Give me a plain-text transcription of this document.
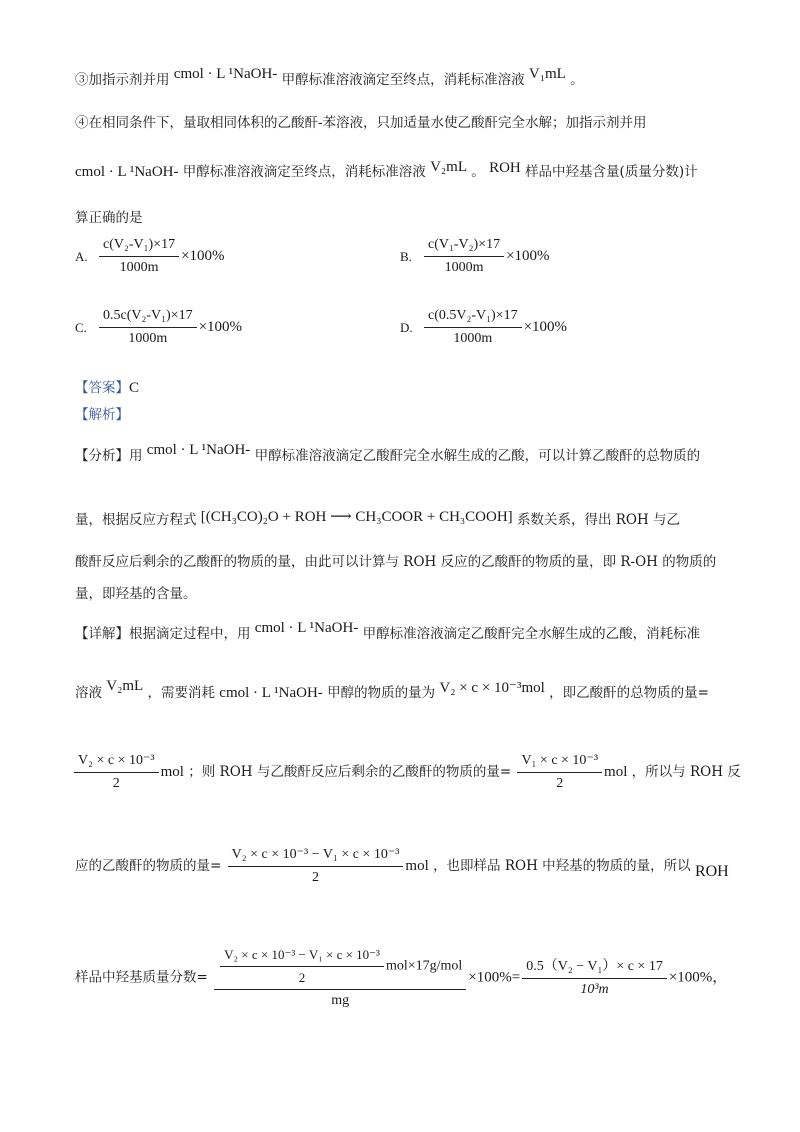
③加指示剂并用 cmol · L ¹NaOH- 甲醇标准溶液滴定至终点，消耗标准溶液 V₁mL 。
④在相同条件下，量取相同体积的乙酸酐-苯溶液，只加适量水使乙酸酐完全水解；加指示剂并用
cmol · L ¹NaOH- 甲醇标准溶液滴定至终点，消耗标准溶液 V₂mL 。 ROH 样品中羟基含量(质量分数)计
算正确的是
A. $\frac{\text{c(V₂-V₁)×17}}{1000m} \times 100\%$	B. $\frac{\text{c(V₁-V₂)×17}}{1000m} \times 100\%$
C. $\frac{\text{0.5c(V₂-V₁)×17}}{1000m} \times 100\%$	D. $\frac{\text{c(0.5V₂-V₁)×17}}{1000m} \times 100\%$
【答案】C
【解析】
【分析】用 cmol · L ¹NaOH- 甲醇标准溶液滴定乙酸酐完全水解生成的乙酸，可以计算乙酸酐的总物质的
量，根据反应方程式 [(CH₃CO)₂O + ROH ⟶ CH₃COOR + CH₃COOH] 系数关系，得出 ROH 与乙
酸酐反应后剩余的乙酸酐的物质的量，由此可以计算与 ROH 反应的乙酸酐的物质的量，即 R-OH 的物质的
量，即羟基的含量。
【详解】根据滴定过程中，用 cmol · L ¹NaOH- 甲醇标准溶液滴定乙酸酐完全水解生成的乙酸，消耗标准
溶液 V₂mL ，需要消耗 cmol · L ¹NaOH- 甲醇的物质的量为 V₂ × c × 10⁻³mol ，即乙酸酐的总物质的量=
$\frac{\text{V₂ × c × 10⁻³}}{2}$ mol ；则 ROH 与乙酸酐反应后剩余的乙酸酐的物质的量= $\frac{\text{V₁ × c × 10⁻³}}{2}$ mol ，所以与 ROH 反
应的乙酸酐的物质的量= $\frac{\text{V₂ × c × 10⁻³ − V₁ × c × 10⁻³}}{2}$ mol ，也即样品 ROH 中羟基的物质的量，所以 ROH
样品中羟基质量分数= $\frac{\frac{\text{V₂ × c × 10⁻³ − V₁ × c × 10⁻³}}{2} mol\times 17g/mol}{mg} \times 100\%= \frac{\text{0.5（V₂ − V₁）× c × 17}}{\text{10³m}} \times 100\%$，
